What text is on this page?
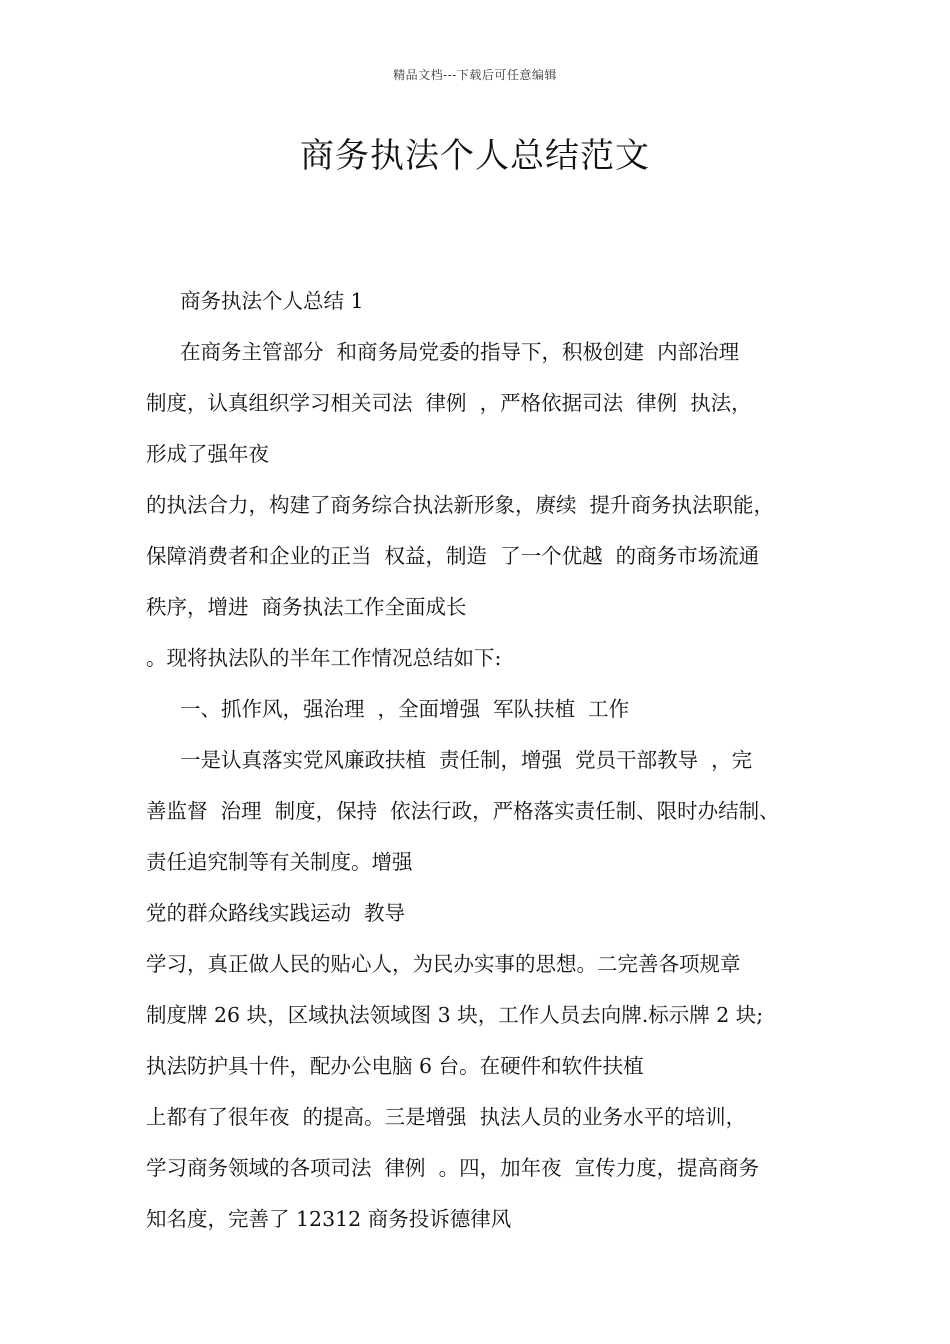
精品文档---下载后可任意编辑
商务执法个人总结范文
商务执法个人总结 1
在商务主管部分  和商务局党委的指导下，积极创建  内部治理
制度，认真组织学习相关司法  律例  ，严格依据司法  律例  执法，
形成了强年夜
的执法合力，构建了商务综合执法新形象，赓续  提升商务执法职能，
保障消费者和企业的正当  权益，制造  了一个优越  的商务市场流通
秩序，增进  商务执法工作全面成长
。现将执法队的半年工作情况总结如下:
一、抓作风，强治理  ，全面增强  军队扶植  工作
一是认真落实党风廉政扶植  责任制，增强  党员干部教导  ，完
善监督  治理  制度，保持  依法行政，严格落实责任制、限时办结制、
责任追究制等有关制度。增强
党的群众路线实践运动  教导
学习，真正做人民的贴心人，为民办实事的思想。二完善各项规章
制度牌 26 块，区域执法领域图 3 块，工作人员去向牌.标示牌 2 块;
执法防护具十件，配办公电脑 6 台。在硬件和软件扶植
上都有了很年夜  的提高。三是增强  执法人员的业务水平的培训，
学习商务领域的各项司法  律例  。四，加年夜  宣传力度，提高商务
知名度，完善了 12312 商务投诉德律风
